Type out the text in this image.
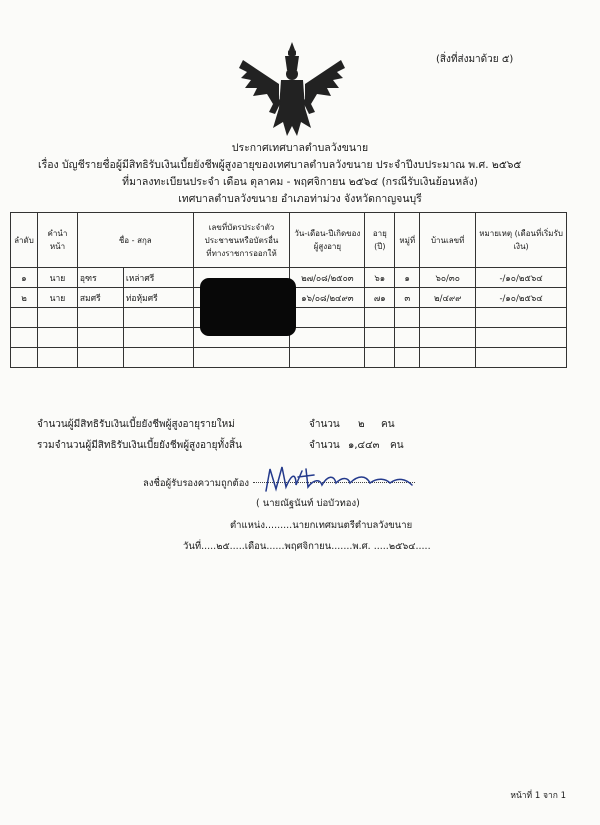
(สิ่งที่ส่งมาด้วย ๕)
ประกาศเทศบาลตำบลวังขนาย
เรื่อง บัญชีรายชื่อผู้มีสิทธิรับเงินเบี้ยยังชีพผู้สูงอายุของเทศบาลตำบลวังขนาย ประจำปีงบประมาณ พ.ศ. ๒๕๖๕
ที่มาลงทะเบียนประจำ เดือน ตุลาคม - พฤศจิกายน ๒๕๖๔ (กรณีรับเงินย้อนหลัง)
เทศบาลตำบลวังขนาย อำเภอท่าม่วง จังหวัดกาญจนบุรี
ลำดับ	คำนำหน้า	ชื่อ - สกุล		เลขที่บัตรประจำตัวประชาชนหรือบัตรอื่นที่ทางราชการออกให้	วัน-เดือน-ปีเกิดของผู้สูงอายุ	อายุ (ปี)	หมู่ที่	บ้านเลขที่	หมายเหตุ (เดือนที่เริ่มรับเงิน)
๑	นาย	อุฑร	เหล่าศรี		๒๗/๐๘/๒๕๐๓	๖๑	๑	๖๐/๓๐	-/๑๐/๒๕๖๔
๒	นาย	สมศรี	ท่อหุ้มศรี		๑๖/๐๘/๒๔๙๓	๗๑	๓	๒/๔๙๙	-/๑๐/๒๕๖๔

จำนวนผู้มีสิทธิรับเงินเบี้ยยังชีพผู้สูงอายุรายใหม่	จำนวน ๒ คน
รวมจำนวนผู้มีสิทธิรับเงินเบี้ยยังชีพผู้สูงอายุทั้งสิ้น	จำนวน ๑,๔๔๓ คน
ลงชื่อผู้รับรองความถูกต้อง
( นายณัฐนันท์ บ่อบัวทอง)
ตำแหน่ง.........นายกเทศมนตรีตำบลวังขนาย
วันที่.....๒๕.....เดือน......พฤศจิกายน.......พ.ศ. .....๒๕๖๔.....
หน้าที่ 1 จาก 1
